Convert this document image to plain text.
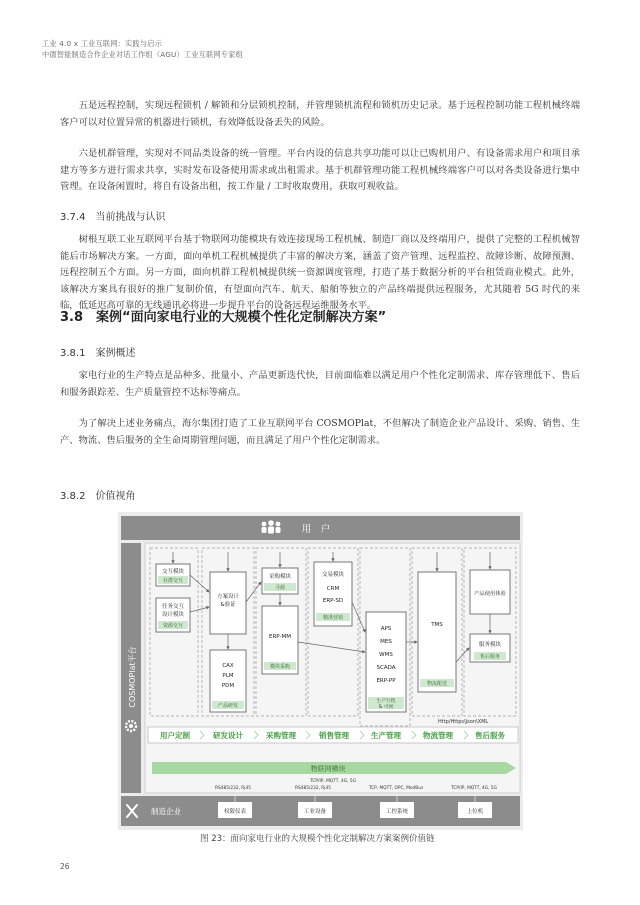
工业 4.0 x 工业互联网：实践与启示
中德智能制造合作企业对话工作组（AGU）工业互联网专家组

五是远程控制，实现远程锁机 / 解锁和分层锁机控制，并管理锁机流程和锁机历史记录。基于远程控制功能工程机械终端客户可以对位置异常的机器进行锁机，有效降低设备丢失的风险。

六是机群管理，实现对不同品类设备的统一管理。平台内设的信息共享功能可以让已购机用户、有设备需求用户和项目承建方等多方进行需求共享，实时发布设备使用需求或出租需求。基于机群管理功能工程机械终端客户可以对各类设备进行集中管理。在设备闲置时，将自有设备出租，按工作量 / 工时收取费用，获取可观收益。

3.7.4　当前挑战与认识

树根互联工业互联网平台基于物联网功能模块有效连接现场工程机械、制造厂商以及终端用户，提供了完整的工程机械智能后市场解决方案。一方面，面向单机工程机械提供了丰富的解决方案，涵盖了资产管理、远程监控、故障诊断、故障预测、远程控制五个方面。另一方面，面向机群工程机械提供统一资源调度管理，打造了基于数据分析的平台租赁商业模式。此外，该解决方案具有很好的推广复制价值，有望面向汽车、航天、船舶等独立的产品终端提供远程服务，尤其随着 5G 时代的来临，低延迟高可靠的无线通讯必将进一步提升平台的设备远程运维服务水平。

3.8　案例“面向家电行业的大规模个性化定制解决方案”
3.8.1　案例概述

家电行业的生产特点是品种多、批量小、产品更新迭代快，目前面临难以满足用户个性化定制需求、库存管理低下、售后和服务跟踪差、生产质量管控不达标等痛点。

为了解决上述业务痛点，海尔集团打造了工业互联网平台 COSMOPlat，不但解决了制造企业产品设计、采购、销售、生产、物流、售后服务的全生命周期管理问题，而且满足了用户个性化定制需求。

3.8.2　价值视角
用　户
COSMOPlat平台
交互模块
社群交互
任务交互
设计模块
资源交互
方案设计
&验证
CAX
PLM
PDM
产品研发
采购模块
寻源
ERP-MM
模块采购
交易模块
CRM
ERP-SD
精准营销
APS
MES
WMS
SCADA
ERP-PP
生产行程
& 可视
TMS
物流配送
产品使用体验
服务模块
售后服务
Http/Https\Json\XML
用户定制	研发设计	采购管理	销售管理	生产管理	物流管理	售后服务
物联网模块
TCP/IP, MQTT, 4G, 5G
RS485/232, Rj45	RS485/232, Rj45	TCP, MQTT, OPC, ModBus	TCP/IP, MQTT, 4G, 5G
制造企业	权限仪表	工业设备	工控系统	上位机
图 23：面向家电行业的大规模个性化定制解决方案案例价值链
26
